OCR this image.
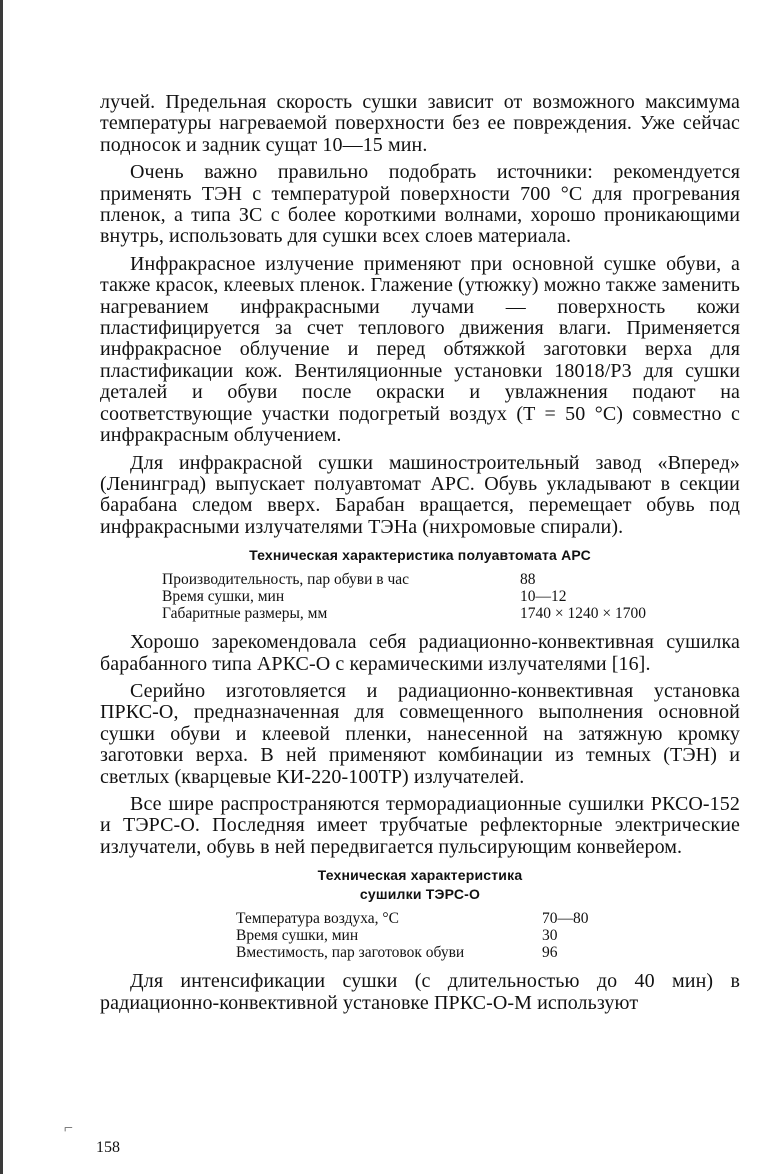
лучей. Предельная скорость сушки зависит от возможного максимума температуры нагреваемой поверхности без ее повреждения. Уже сейчас подносок и задник сущат 10—15 мин.

Очень важно правильно подобрать источники: рекомендуется применять ТЭН с температурой поверхности 700 °С для прогревания пленок, а типа ЗС с более короткими волнами, хорошо проникающими внутрь, использовать для сушки всех слоев материала.

Инфракрасное излучение применяют при основной сушке обуви, а также красок, клеевых пленок. Глажение (утюжку) можно также заменить нагреванием инфракрасными лучами — поверхность кожи пластифицируется за счет теплового движения влаги. Применяется инфракрасное облучение и перед обтяжкой заготовки верха для пластификации кож. Вентиляционные установки 18018/Р3 для сушки деталей и обуви после окраски и увлажнения подают на соответствующие участки подогретый воздух (T = 50 °С) совместно с инфракрасным облучением.

Для инфракрасной сушки машиностроительный завод «Вперед» (Ленинград) выпускает полуавтомат АРС. Обувь укладывают в секции барабана следом вверх. Барабан вращается, перемещает обувь под инфракрасными излучателями ТЭНа (нихромовые спирали).

Техническая характеристика полуавтомата АРС
Производительность, пар обуви в час	88
Время сушки, мин	10—12
Габаритные размеры, мм	1740 × 1240 × 1700

Хорошо зарекомендовала себя радиационно-конвективная сушилка барабанного типа АРКС-О с керамическими излучателями [16].

Серийно изготовляется и радиационно-конвективная установка ПРКС-О, предназначенная для совмещенного выполнения основной сушки обуви и клеевой пленки, нанесенной на затяжную кромку заготовки верха. В ней применяют комбинации из темных (ТЭН) и светлых (кварцевые КИ-220-100ТР) излучателей.

Все шире распространяются терморадиационные сушилки РКСО-152 и ТЭРС-О. Последняя имеет трубчатые рефлекторные электрические излучатели, обувь в ней передвигается пульсирующим конвейером.

Техническая характеристика
сушилки ТЭРС-О
Температура воздуха, °С	70—80
Время сушки, мин	30
Вместимость, пар заготовок обуви	96

Для интенсификации сушки (с длительностью до 40 мин) в радиационно-конвективной установке ПРКС-О-М используют

⌐
158
